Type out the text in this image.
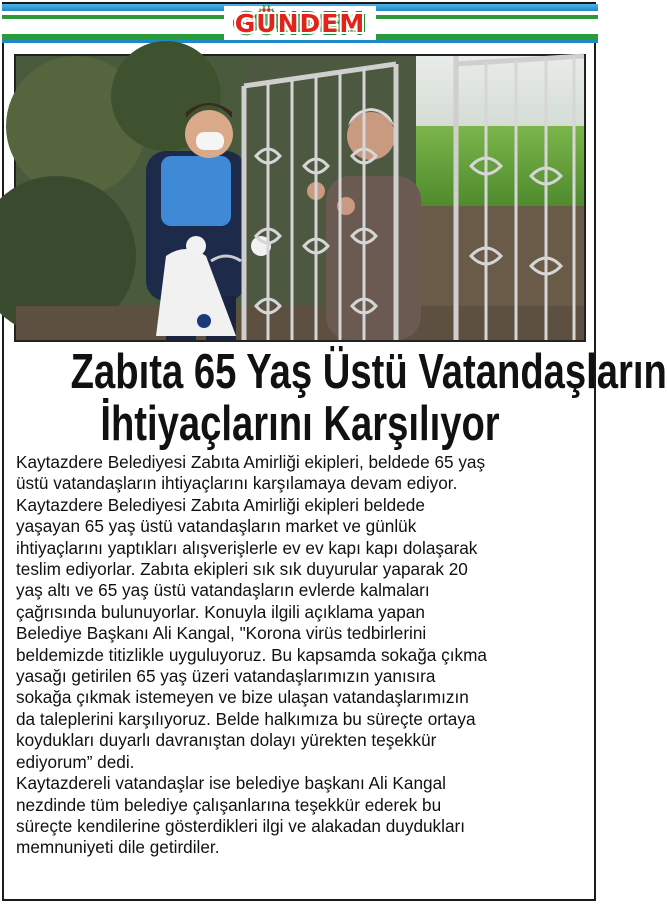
GÜNDEM
Zabıta 65 Yaş Üstü Vatandaşların
İhtiyaçlarını Karşılıyor

Kaytazdere Belediyesi Zabıta Amirliği ekipleri, beldede 65 yaş
üstü vatandaşların ihtiyaçlarını karşılamaya devam ediyor.
Kaytazdere Belediyesi Zabıta Amirliği ekipleri beldede
yaşayan 65 yaş üstü vatandaşların market ve günlük
ihtiyaçlarını yaptıkları alışverişlerle ev ev kapı kapı dolaşarak
teslim ediyorlar. Zabıta ekipleri sık sık duyurular yaparak 20
yaş altı ve 65 yaş üstü vatandaşların evlerde kalmaları
çağrısında bulunuyorlar. Konuyla ilgili açıklama yapan
Belediye Başkanı Ali Kangal, "Korona virüs tedbirlerini
beldemizde titizlikle uyguluyoruz. Bu kapsamda sokağa çıkma
yasağı getirilen 65 yaş üzeri vatandaşlarımızın yanısıra
sokağa çıkmak istemeyen ve bize ulaşan vatandaşlarımızın
da taleplerini karşılıyoruz. Belde halkımıza bu süreçte ortaya
koydukları duyarlı davranıştan dolayı yürekten teşekkür
ediyorum” dedi.

Kaytazdereli vatandaşlar ise belediye başkanı Ali Kangal
nezdinde tüm belediye çalışanlarına teşekkür ederek bu
süreçte kendilerine gösterdikleri ilgi ve alakadan duydukları
memnuniyeti dile getirdiler.
